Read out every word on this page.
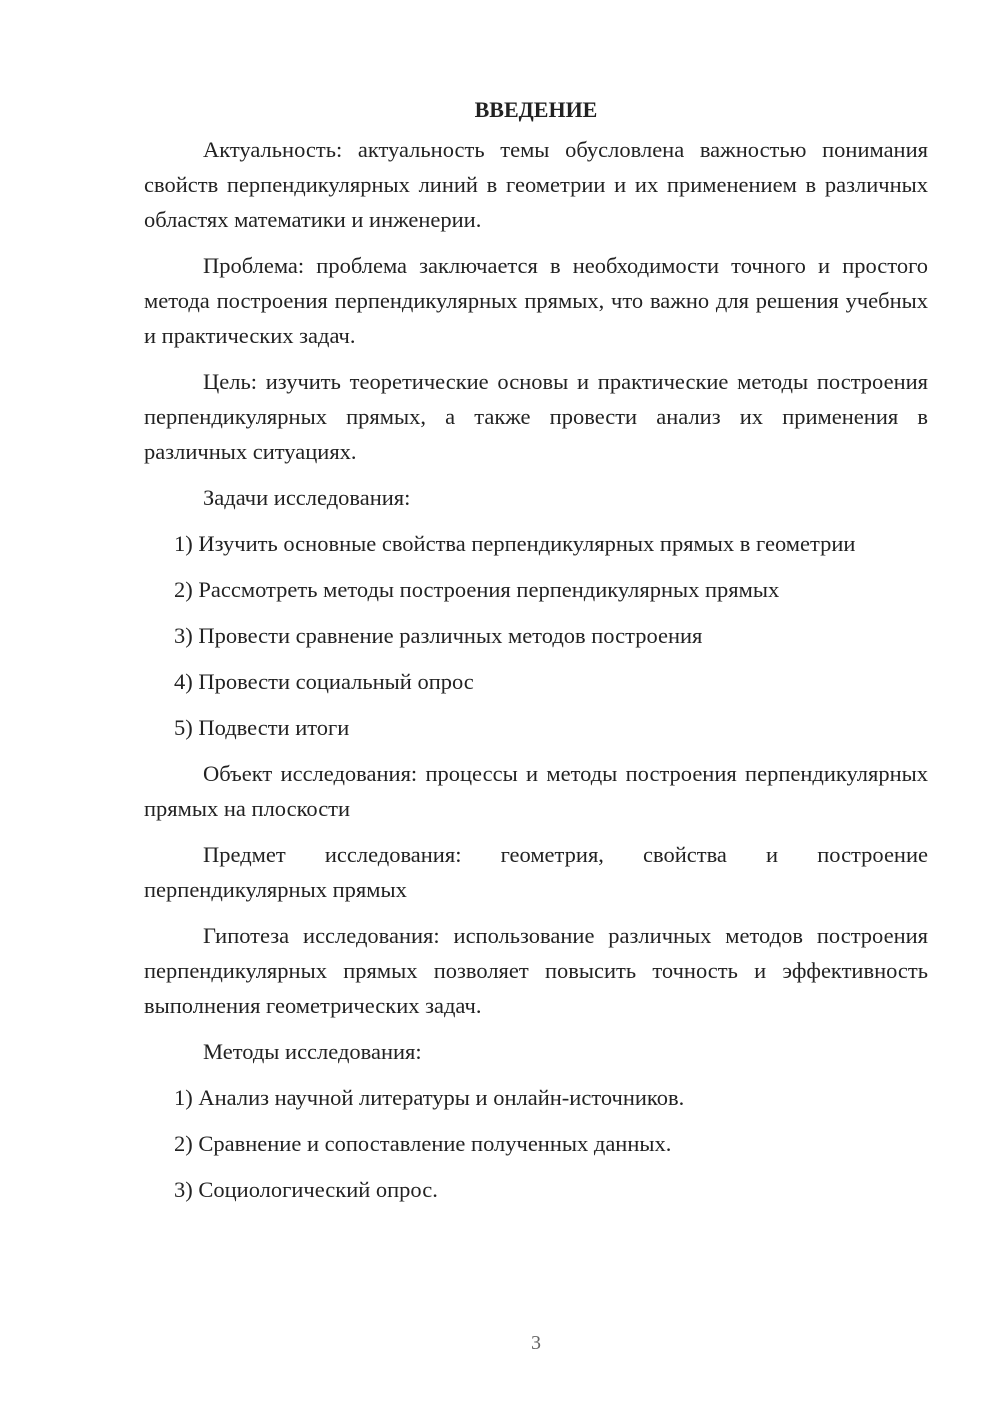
ВВЕДЕНИЕ

Актуальность: актуальность темы обусловлена важностью понимания свойств перпендикулярных линий в геометрии и их применением в различных областях математики и инженерии.

Проблема: проблема заключается в необходимости точного и простого метода построения перпендикулярных прямых, что важно для решения учебных и практических задач.

Цель: изучить теоретические основы и практические методы построения перпендикулярных прямых, а также провести анализ их применения в различных ситуациях.

Задачи исследования:

1) Изучить основные свойства перпендикулярных прямых в геометрии
2) Рассмотреть методы построения перпендикулярных прямых
3) Провести сравнение различных методов построения
4) Провести социальный опрос
5) Подвести итоги

Объект исследования: процессы и методы построения перпендикулярных прямых на плоскости

Предмет исследования: геометрия, свойства и построение перпендикулярных прямых

Гипотеза исследования: использование различных методов построения перпендикулярных прямых позволяет повысить точность и эффективность выполнения геометрических задач.

Методы исследования:

1) Анализ научной литературы и онлайн-источников.
2) Сравнение и сопоставление полученных данных.
3) Социологический опрос.
3
